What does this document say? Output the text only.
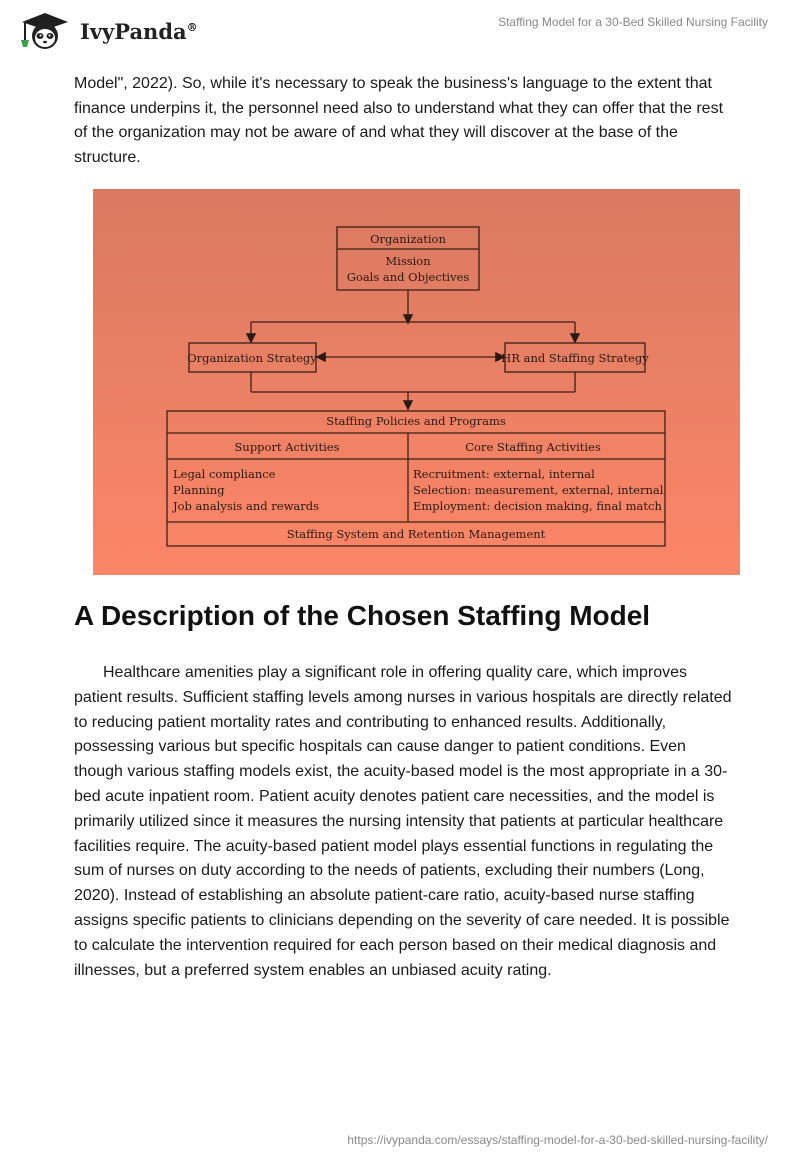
IvyPanda®	Staffing Model for a 30-Bed Skilled Nursing Facility

Model", 2022). So, while it's necessary to speak the business's language to the extent that finance underpins it, the personnel need also to understand what they can offer that the rest of the organization may not be aware of and what they will discover at the base of the structure.

Organization
Mission
Goals and Objectives
Organization Strategy	HR and Staffing Strategy
Staffing Policies and Programs
Support Activities	Core Staffing Activities
Legal compliance
Planning
Job analysis and rewards
Recruitment: external, internal
Selection: measurement, external, internal
Employment: decision making, final match
Staffing System and Retention Management
A Description of the Chosen Staffing Model

Healthcare amenities play a significant role in offering quality care, which improves patient results. Sufficient staffing levels among nurses in various hospitals are directly related to reducing patient mortality rates and contributing to enhanced results. Additionally, possessing various but specific hospitals can cause danger to patient conditions. Even though various staffing models exist, the acuity-based model is the most appropriate in a 30-bed acute inpatient room. Patient acuity denotes patient care necessities, and the model is primarily utilized since it measures the nursing intensity that patients at particular healthcare facilities require. The acuity-based patient model plays essential functions in regulating the sum of nurses on duty according to the needs of patients, excluding their numbers (Long, 2020). Instead of establishing an absolute patient-care ratio, acuity-based nurse staffing assigns specific patients to clinicians depending on the severity of care needed. It is possible to calculate the intervention required for each person based on their medical diagnosis and illnesses, but a preferred system enables an unbiased acuity rating.

https://ivypanda.com/essays/staffing-model-for-a-30-bed-skilled-nursing-facility/
